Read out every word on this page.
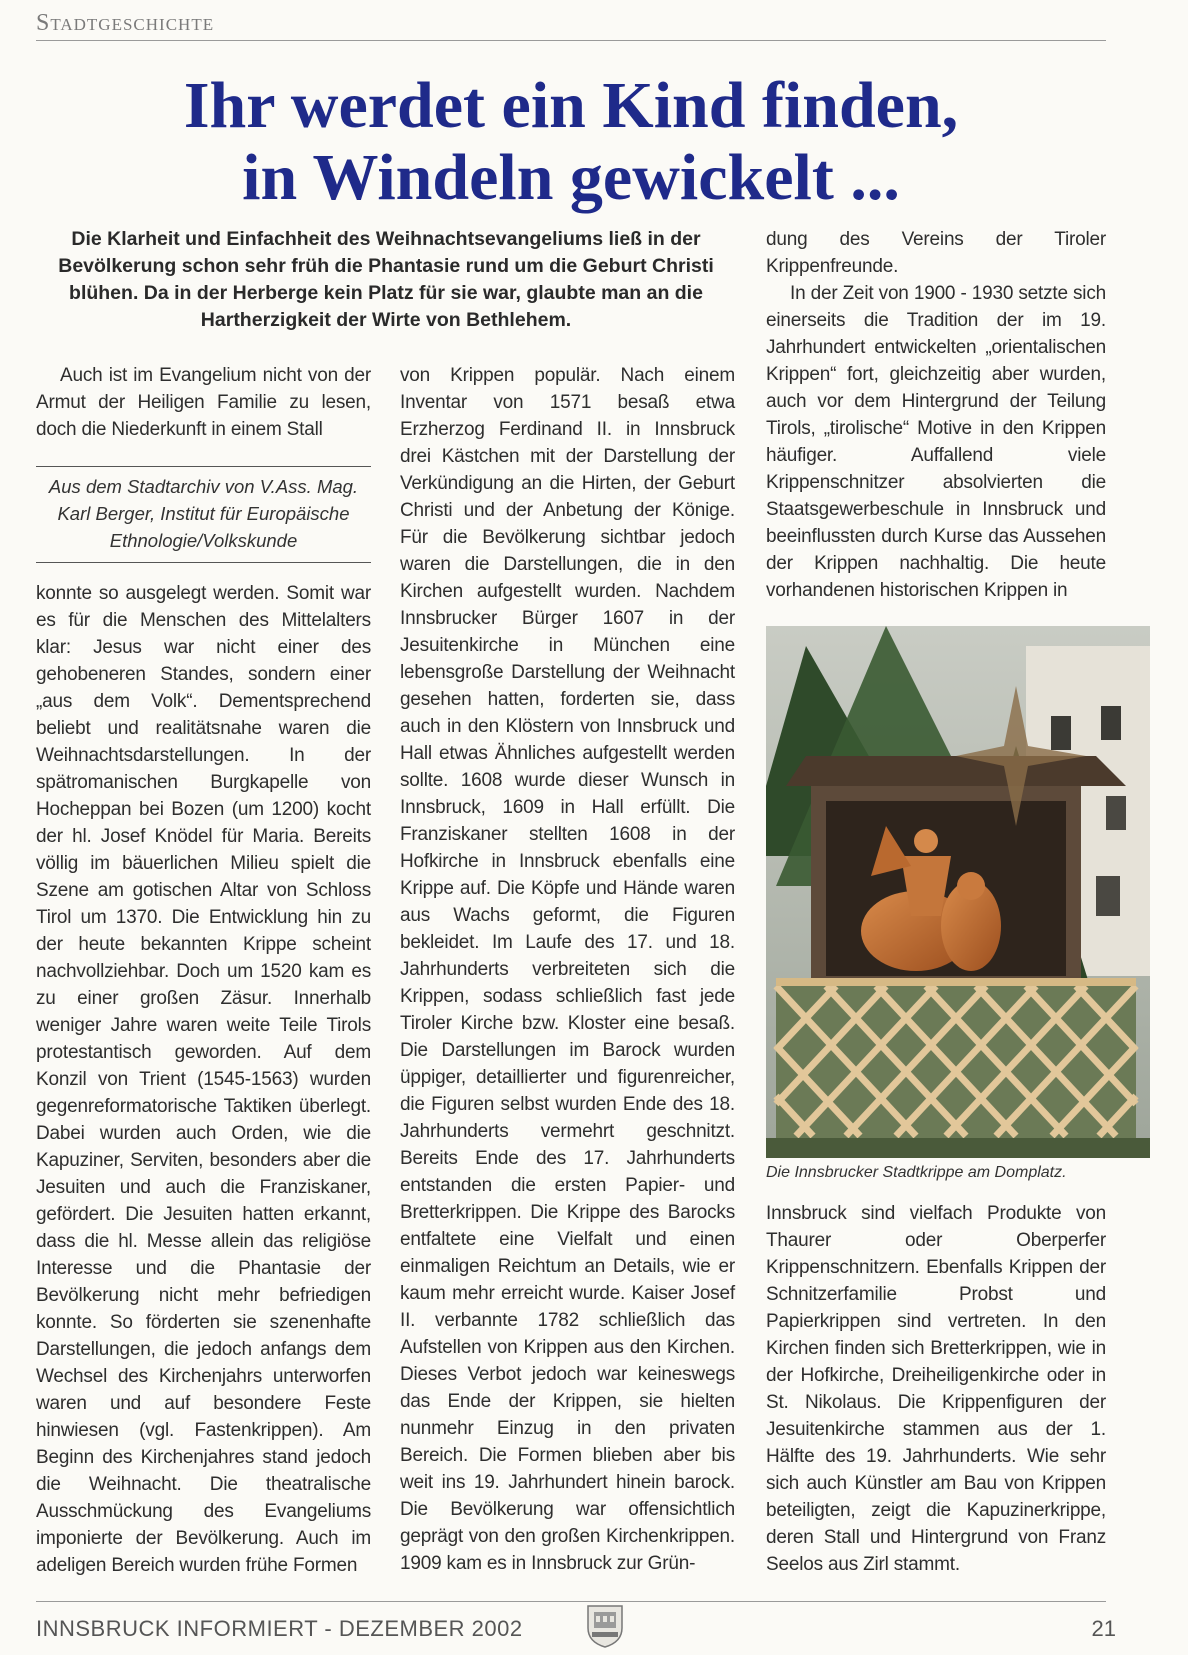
Stadtgeschichte
Ihr werdet ein Kind finden,
in Windeln gewickelt ...
Die Klarheit und Einfachheit des Weihnachtsevangeliums ließ in der Bevölkerung schon sehr früh die Phantasie rund um die Geburt Christi blühen. Da in der Herberge kein Platz für sie war, glaubte man an die Hartherzigkeit der Wirte von Bethlehem.

Auch ist im Evangelium nicht von der Armut der Heiligen Familie zu lesen, doch die Niederkunft in einem Stall

Aus dem Stadtarchiv von V.Ass. Mag. Karl Berger, Institut für Europäische Ethnologie/Volkskunde

konnte so ausgelegt werden. Somit war es für die Menschen des Mittelalters klar: Jesus war nicht einer des gehobeneren Standes, sondern einer „aus dem Volk“. Dementsprechend beliebt und realitätsnahe waren die Weihnachtsdarstellungen. In der spätromanischen Burgkapelle von Hocheppan bei Bozen (um 1200) kocht der hl. Josef Knödel für Maria. Bereits völlig im bäuerlichen Milieu spielt die Szene am gotischen Altar von Schloss Tirol um 1370. Die Entwicklung hin zu der heute bekannten Krippe scheint nachvollziehbar. Doch um 1520 kam es zu einer großen Zäsur. Innerhalb weniger Jahre waren weite Teile Tirols protestantisch geworden. Auf dem Konzil von Trient (1545-1563) wurden gegenreformatorische Taktiken überlegt. Dabei wurden auch Orden, wie die Kapuziner, Serviten, besonders aber die Jesuiten und auch die Franziskaner, gefördert. Die Jesuiten hatten erkannt, dass die hl. Messe allein das religiöse Interesse und die Phantasie der Bevölkerung nicht mehr befriedigen konnte. So förderten sie szenenhafte Darstellungen, die jedoch anfangs dem Wechsel des Kirchenjahrs unterworfen waren und auf besondere Feste hinwiesen (vgl. Fastenkrippen). Am Beginn des Kirchenjahres stand jedoch die Weihnacht. Die theatralische Ausschmückung des Evangeliums imponierte der Bevölkerung. Auch im adeligen Bereich wurden frühe Formen

von Krippen populär. Nach einem Inventar von 1571 besaß etwa Erzherzog Ferdinand II. in Innsbruck drei Kästchen mit der Darstellung der Verkündigung an die Hirten, der Geburt Christi und der Anbetung der Könige. Für die Bevölkerung sichtbar jedoch waren die Darstellungen, die in den Kirchen aufgestellt wurden. Nachdem Innsbrucker Bürger 1607 in der Jesuitenkirche in München eine lebensgroße Darstellung der Weihnacht gesehen hatten, forderten sie, dass auch in den Klöstern von Innsbruck und Hall etwas Ähnliches aufgestellt werden sollte. 1608 wurde dieser Wunsch in Innsbruck, 1609 in Hall erfüllt. Die Franziskaner stellten 1608 in der Hofkirche in Innsbruck ebenfalls eine Krippe auf. Die Köpfe und Hände waren aus Wachs geformt, die Figuren bekleidet. Im Laufe des 17. und 18. Jahrhunderts verbreiteten sich die Krippen, sodass schließlich fast jede Tiroler Kirche bzw. Kloster eine besaß. Die Darstellungen im Barock wurden üppiger, detaillierter und figurenreicher, die Figuren selbst wurden Ende des 18. Jahrhunderts vermehrt geschnitzt. Bereits Ende des 17. Jahrhunderts entstanden die ersten Papier- und Bretterkrippen. Die Krippe des Barocks entfaltete eine Vielfalt und einen einmaligen Reichtum an Details, wie er kaum mehr erreicht wurde. Kaiser Josef II. verbannte 1782 schließlich das Aufstellen von Krippen aus den Kirchen. Dieses Verbot jedoch war keineswegs das Ende der Krippen, sie hielten nunmehr Einzug in den privaten Bereich. Die Formen blieben aber bis weit ins 19. Jahrhundert hinein barock. Die Bevölkerung war offensichtlich geprägt von den großen Kirchenkrippen. 1909 kam es in Innsbruck zur Grün-

dung des Vereins der Tiroler Krippenfreunde.

In der Zeit von 1900 - 1930 setzte sich einerseits die Tradition der im 19. Jahrhundert entwickelten „orientalischen Krippen“ fort, gleichzeitig aber wurden, auch vor dem Hintergrund der Teilung Tirols, „tirolische“ Motive in den Krippen häufiger. Auffallend viele Krippenschnitzer absolvierten die Staatsgewerbeschule in Innsbruck und beeinflussten durch Kurse das Aussehen der Krippen nachhaltig. Die heute vorhandenen historischen Krippen in

Die Innsbrucker Stadtkrippe am Domplatz.

Innsbruck sind vielfach Produkte von Thaurer oder Oberperfer Krippenschnitzern. Ebenfalls Krippen der Schnitzerfamilie Probst und Papierkrippen sind vertreten. In den Kirchen finden sich Bretterkrippen, wie in der Hofkirche, Dreiheiligenkirche oder in St. Nikolaus. Die Krippenfiguren der Jesuitenkirche stammen aus der 1. Hälfte des 19. Jahrhunderts. Wie sehr sich auch Künstler am Bau von Krippen beteiligten, zeigt die Kapuzinerkrippe, deren Stall und Hintergrund von Franz Seelos aus Zirl stammt.

INNSBRUCK INFORMIERT - DEZEMBER 2002	21
